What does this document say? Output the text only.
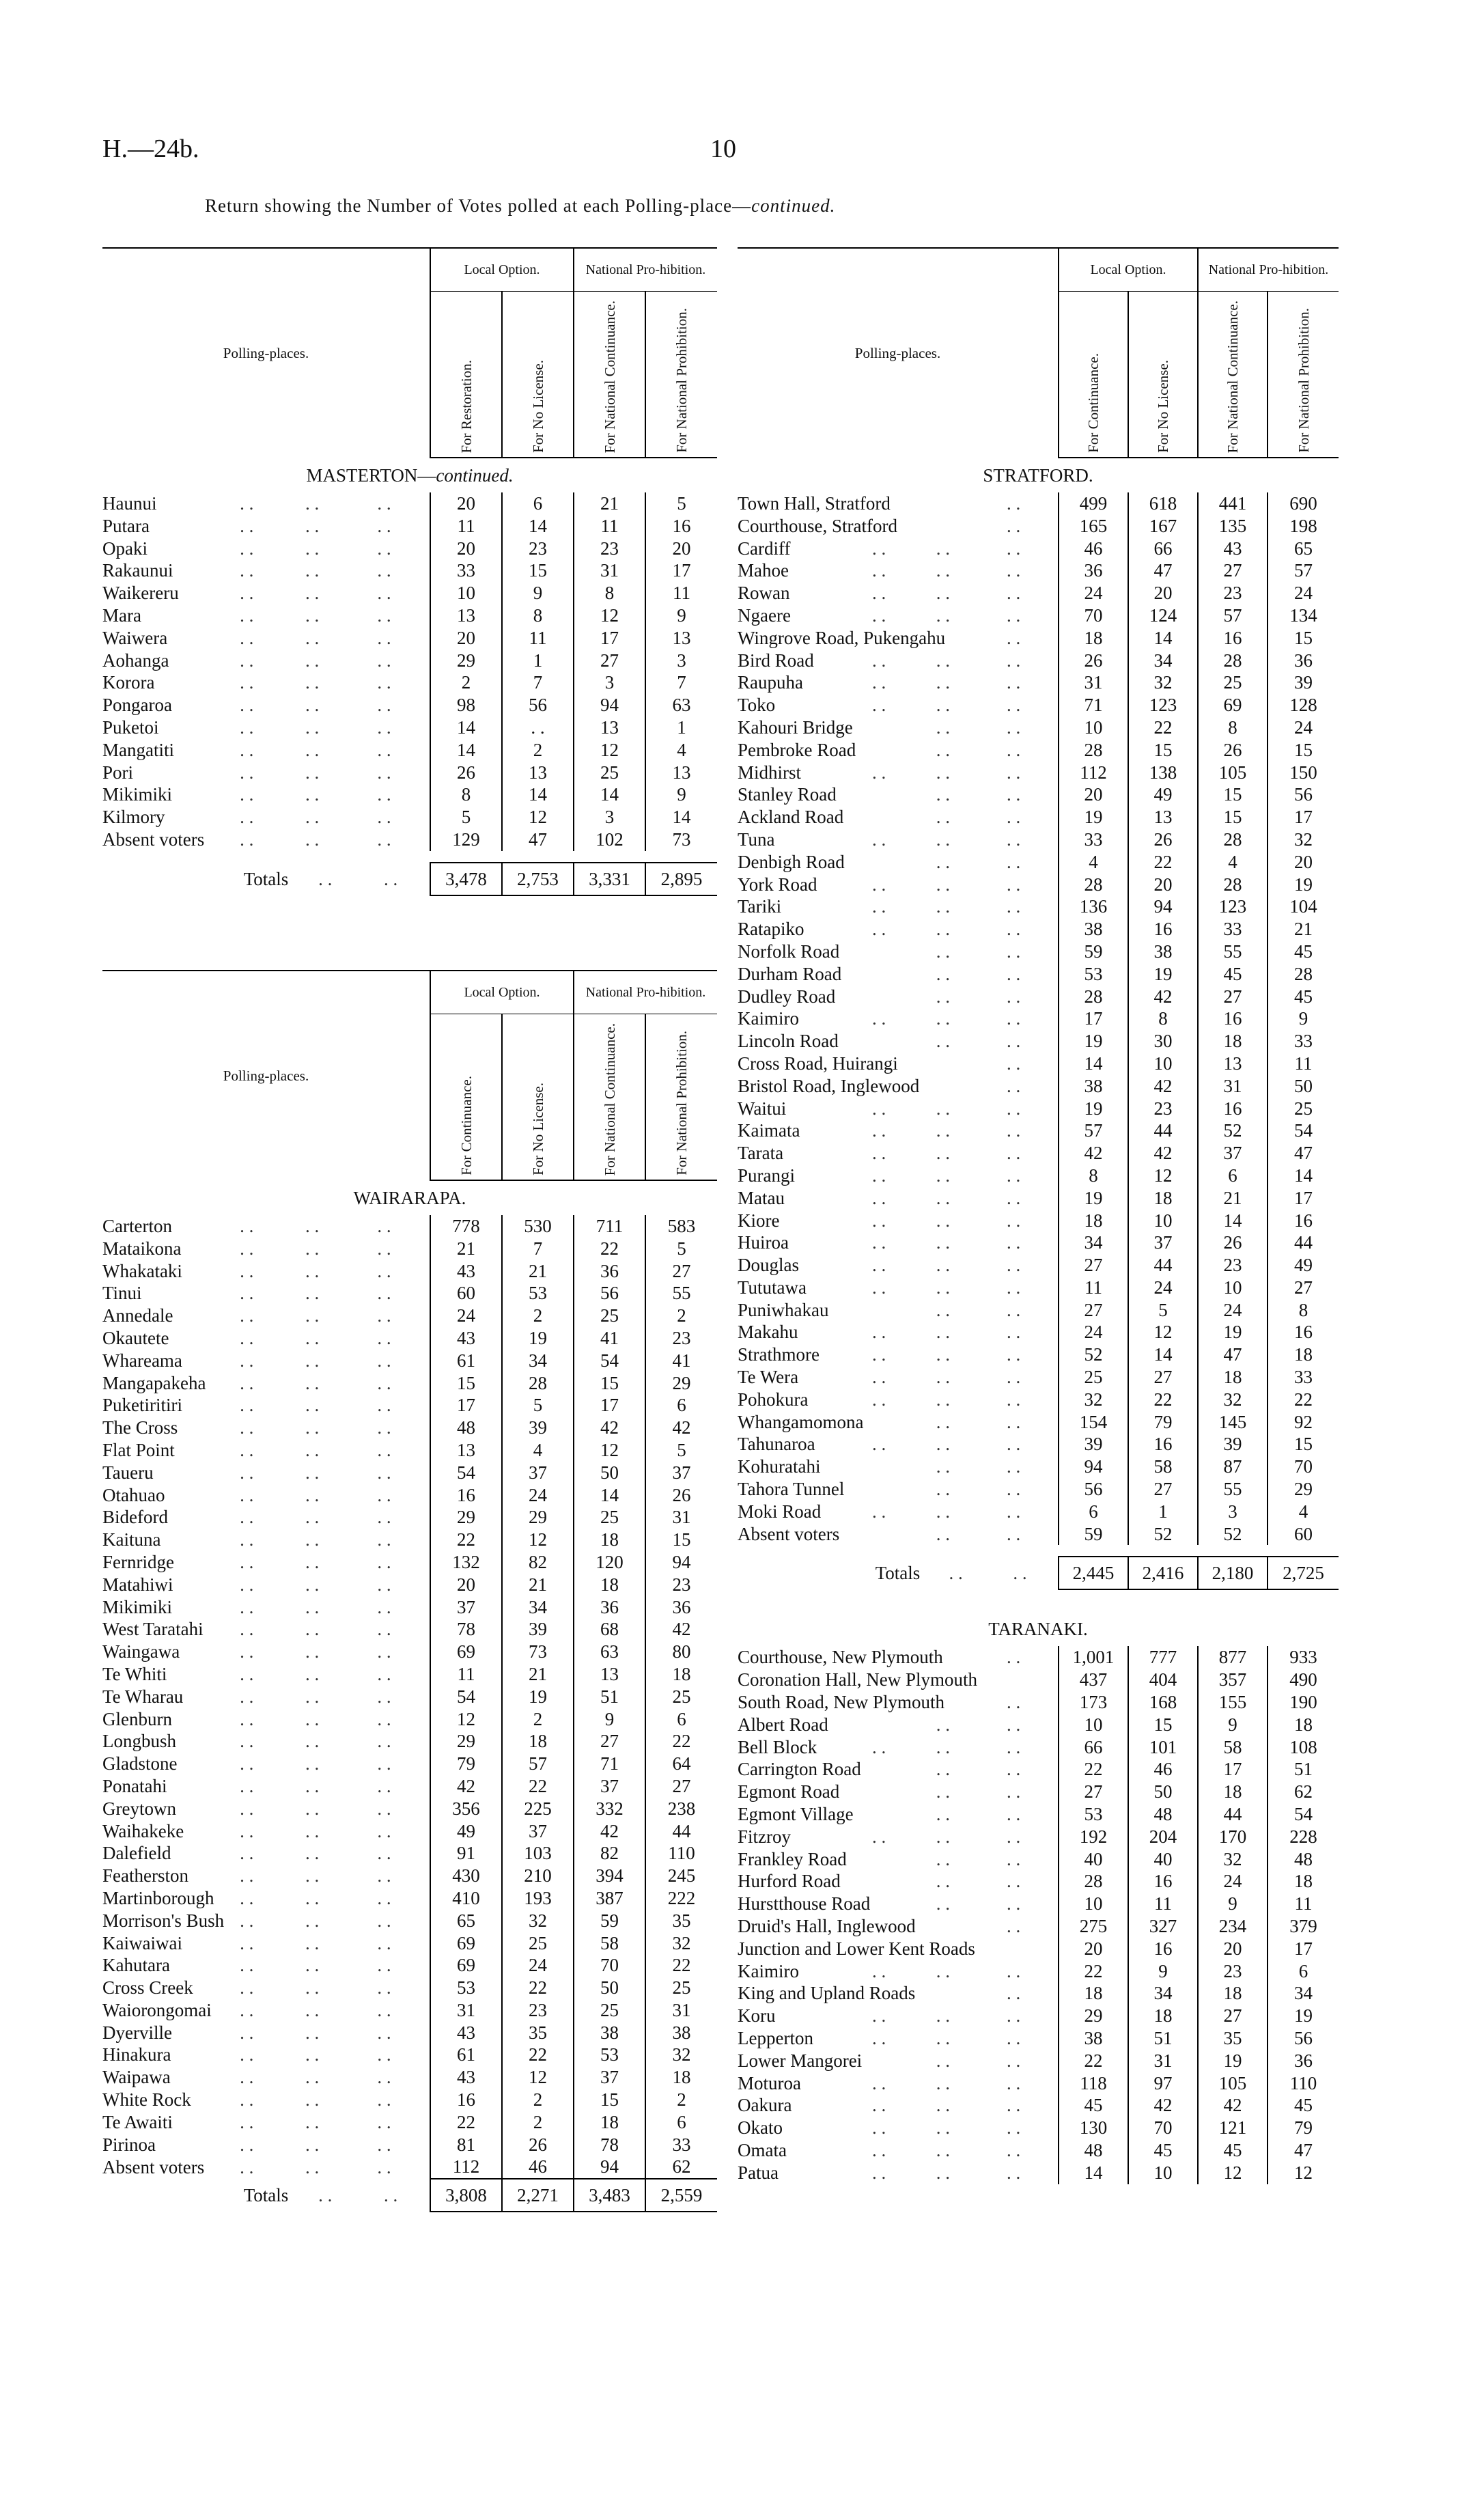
H.—24b.	10
Return showing the Number of Votes polled at each Polling-place—continued.
Polling-places.	Local Option.		National Pro-hibition.	
	For Restoration.	For No License.	For National Continuance.	For National Prohibition.
MASTERTON—continued.				
Haunui . . . . . .	20	6	21	5
Putara . . . . . .	11	14	11	16
Opaki . . . . . .	20	23	23	20
Rakaunui . . . . . .	33	15	31	17
Waikereru . . . . . .	10	9	8	11
Mara . . . . . .	13	8	12	9
Waiwera . . . . . .	20	11	17	13
Aohanga . . . . . .	29	1	27	3
Korora . . . . . .	2	7	3	7
Pongaroa . . . . . .	98	56	94	63
Puketoi . . . . . .	14	. .	13	1
Mangatiti . . . . . .	14	2	12	4
Pori . . . . . .	26	13	25	13
Mikimiki . . . . . .	8	14	14	9
Kilmory . . . . . .	5	12	3	14
Absent voters . . . . . .	129	47	102	73

Totals . . . .	3,478	2,753	3,331	2,895
Polling-places.	Local Option.		National Pro-hibition.	
	For Continuance.	For No License.	For National Continuance.	For National Prohibition.
WAIRARAPA.				
Carterton . . . . . .	778	530	711	583
Mataikona . . . . . .	21	7	22	5
Whakataki . . . . . .	43	21	36	27
Tinui . . . . . .	60	53	56	55
Annedale . . . . . .	24	2	25	2
Okautete . . . . . .	43	19	41	23
Whareama . . . . . .	61	34	54	41
Mangapakeha . . . . . .	15	28	15	29
Puketiritiri . . . . . .	17	5	17	6
The Cross . . . . . .	48	39	42	42
Flat Point . . . . . .	13	4	12	5
Taueru . . . . . .	54	37	50	37
Otahuao . . . . . .	16	24	14	26
Bideford . . . . . .	29	29	25	31
Kaituna . . . . . .	22	12	18	15
Fernridge . . . . . .	132	82	120	94
Matahiwi . . . . . .	20	21	18	23
Mikimiki . . . . . .	37	34	36	36
West Taratahi . . . . . .	78	39	68	42
Waingawa . . . . . .	69	73	63	80
Te Whiti . . . . . .	11	21	13	18
Te Wharau . . . . . .	54	19	51	25
Glenburn . . . . . .	12	2	9	6
Longbush . . . . . .	29	18	27	22
Gladstone . . . . . .	79	57	71	64
Ponatahi . . . . . .	42	22	37	27
Greytown . . . . . .	356	225	332	238
Waihakeke . . . . . .	49	37	42	44
Dalefield . . . . . .	91	103	82	110
Featherston . . . . . .	430	210	394	245
Martinborough . . . . . .	410	193	387	222
Morrison's Bush . . . . . .	65	32	59	35
Kaiwaiwai . . . . . .	69	25	58	32
Kahutara . . . . . .	69	24	70	22
Cross Creek . . . . . .	53	22	50	25
Waiorongomai . . . . . .	31	23	25	31
Dyerville . . . . . .	43	35	38	38
Hinakura . . . . . .	61	22	53	32
Waipawa . . . . . .	43	12	37	18
White Rock . . . . . .	16	2	15	2
Te Awaiti . . . . . .	22	2	18	6
Pirinoa . . . . . .	81	26	78	33
Absent voters . . . . . .	112	46	94	62
Totals . . . .	3,808	2,271	3,483	2,559
Polling-places.	Local Option.		National Pro-hibition.	
	For Continuance.	For No License.	For National Continuance.	For National Prohibition.
STRATFORD.				
Town Hall, Stratford . .	499	618	441	690
Courthouse, Stratford . .	165	167	135	198
Cardiff . . . . . .	46	66	43	65
Mahoe . . . . . .	36	47	27	57
Rowan . . . . . .	24	20	23	24
Ngaere . . . . . .	70	124	57	134
Wingrove Road, Pukengahu . .	18	14	16	15
Bird Road . . . . . .	26	34	28	36
Raupuha . . . . . .	31	32	25	39
Toko . . . . . .	71	123	69	128
Kahouri Bridge . . . .	10	22	8	24
Pembroke Road . . . .	28	15	26	15
Midhirst . . . . . .	112	138	105	150
Stanley Road . . . .	20	49	15	56
Ackland Road . . . .	19	13	15	17
Tuna . . . . . .	33	26	28	32
Denbigh Road . . . .	4	22	4	20
York Road . . . . . .	28	20	28	19
Tariki . . . . . .	136	94	123	104
Ratapiko . . . . . .	38	16	33	21
Norfolk Road . . . .	59	38	55	45
Durham Road . . . .	53	19	45	28
Dudley Road . . . .	28	42	27	45
Kaimiro . . . . . .	17	8	16	9
Lincoln Road . . . .	19	30	18	33
Cross Road, Huirangi . .	14	10	13	11
Bristol Road, Inglewood . .	38	42	31	50
Waitui . . . . . .	19	23	16	25
Kaimata . . . . . .	57	44	52	54
Tarata . . . . . .	42	42	37	47
Purangi . . . . . .	8	12	6	14
Matau . . . . . .	19	18	21	17
Kiore . . . . . .	18	10	14	16
Huiroa . . . . . .	34	37	26	44
Douglas . . . . . .	27	44	23	49
Tututawa . . . . . .	11	24	10	27
Puniwhakau . . . .	27	5	24	8
Makahu . . . . . .	24	12	19	16
Strathmore . . . . . .	52	14	47	18
Te Wera . . . . . .	25	27	18	33
Pohokura . . . . . .	32	22	32	22
Whangamomona . . . .	154	79	145	92
Tahunaroa . . . . . .	39	16	39	15
Kohuratahi . . . .	94	58	87	70
Tahora Tunnel . . . .	56	27	55	29
Moki Road . . . . . .	6	1	3	4
Absent voters . . . .	59	52	52	60

Totals . . . .	2,445	2,416	2,180	2,725

TARANAKI.				
Courthouse, New Plymouth . .	1,001	777	877	933
Coronation Hall, New Plymouth	437	404	357	490
South Road, New Plymouth . .	173	168	155	190
Albert Road . . . .	10	15	9	18
Bell Block . . . . . .	66	101	58	108
Carrington Road . . . .	22	46	17	51
Egmont Road . . . .	27	50	18	62
Egmont Village . . . .	53	48	44	54
Fitzroy . . . . . .	192	204	170	228
Frankley Road . . . .	40	40	32	48
Hurford Road . . . .	28	16	24	18
Hurstthouse Road . . . .	10	11	9	11
Druid's Hall, Inglewood . .	275	327	234	379
Junction and Lower Kent Roads	20	16	20	17
Kaimiro . . . . . .	22	9	23	6
King and Upland Roads . .	18	34	18	34
Koru . . . . . .	29	18	27	19
Lepperton . . . . . .	38	51	35	56
Lower Mangorei . . . .	22	31	19	36
Moturoa . . . . . .	118	97	105	110
Oakura . . . . . .	45	42	42	45
Okato . . . . . .	130	70	121	79
Omata . . . . . .	48	45	45	47
Patua . . . . . .	14	10	12	12
